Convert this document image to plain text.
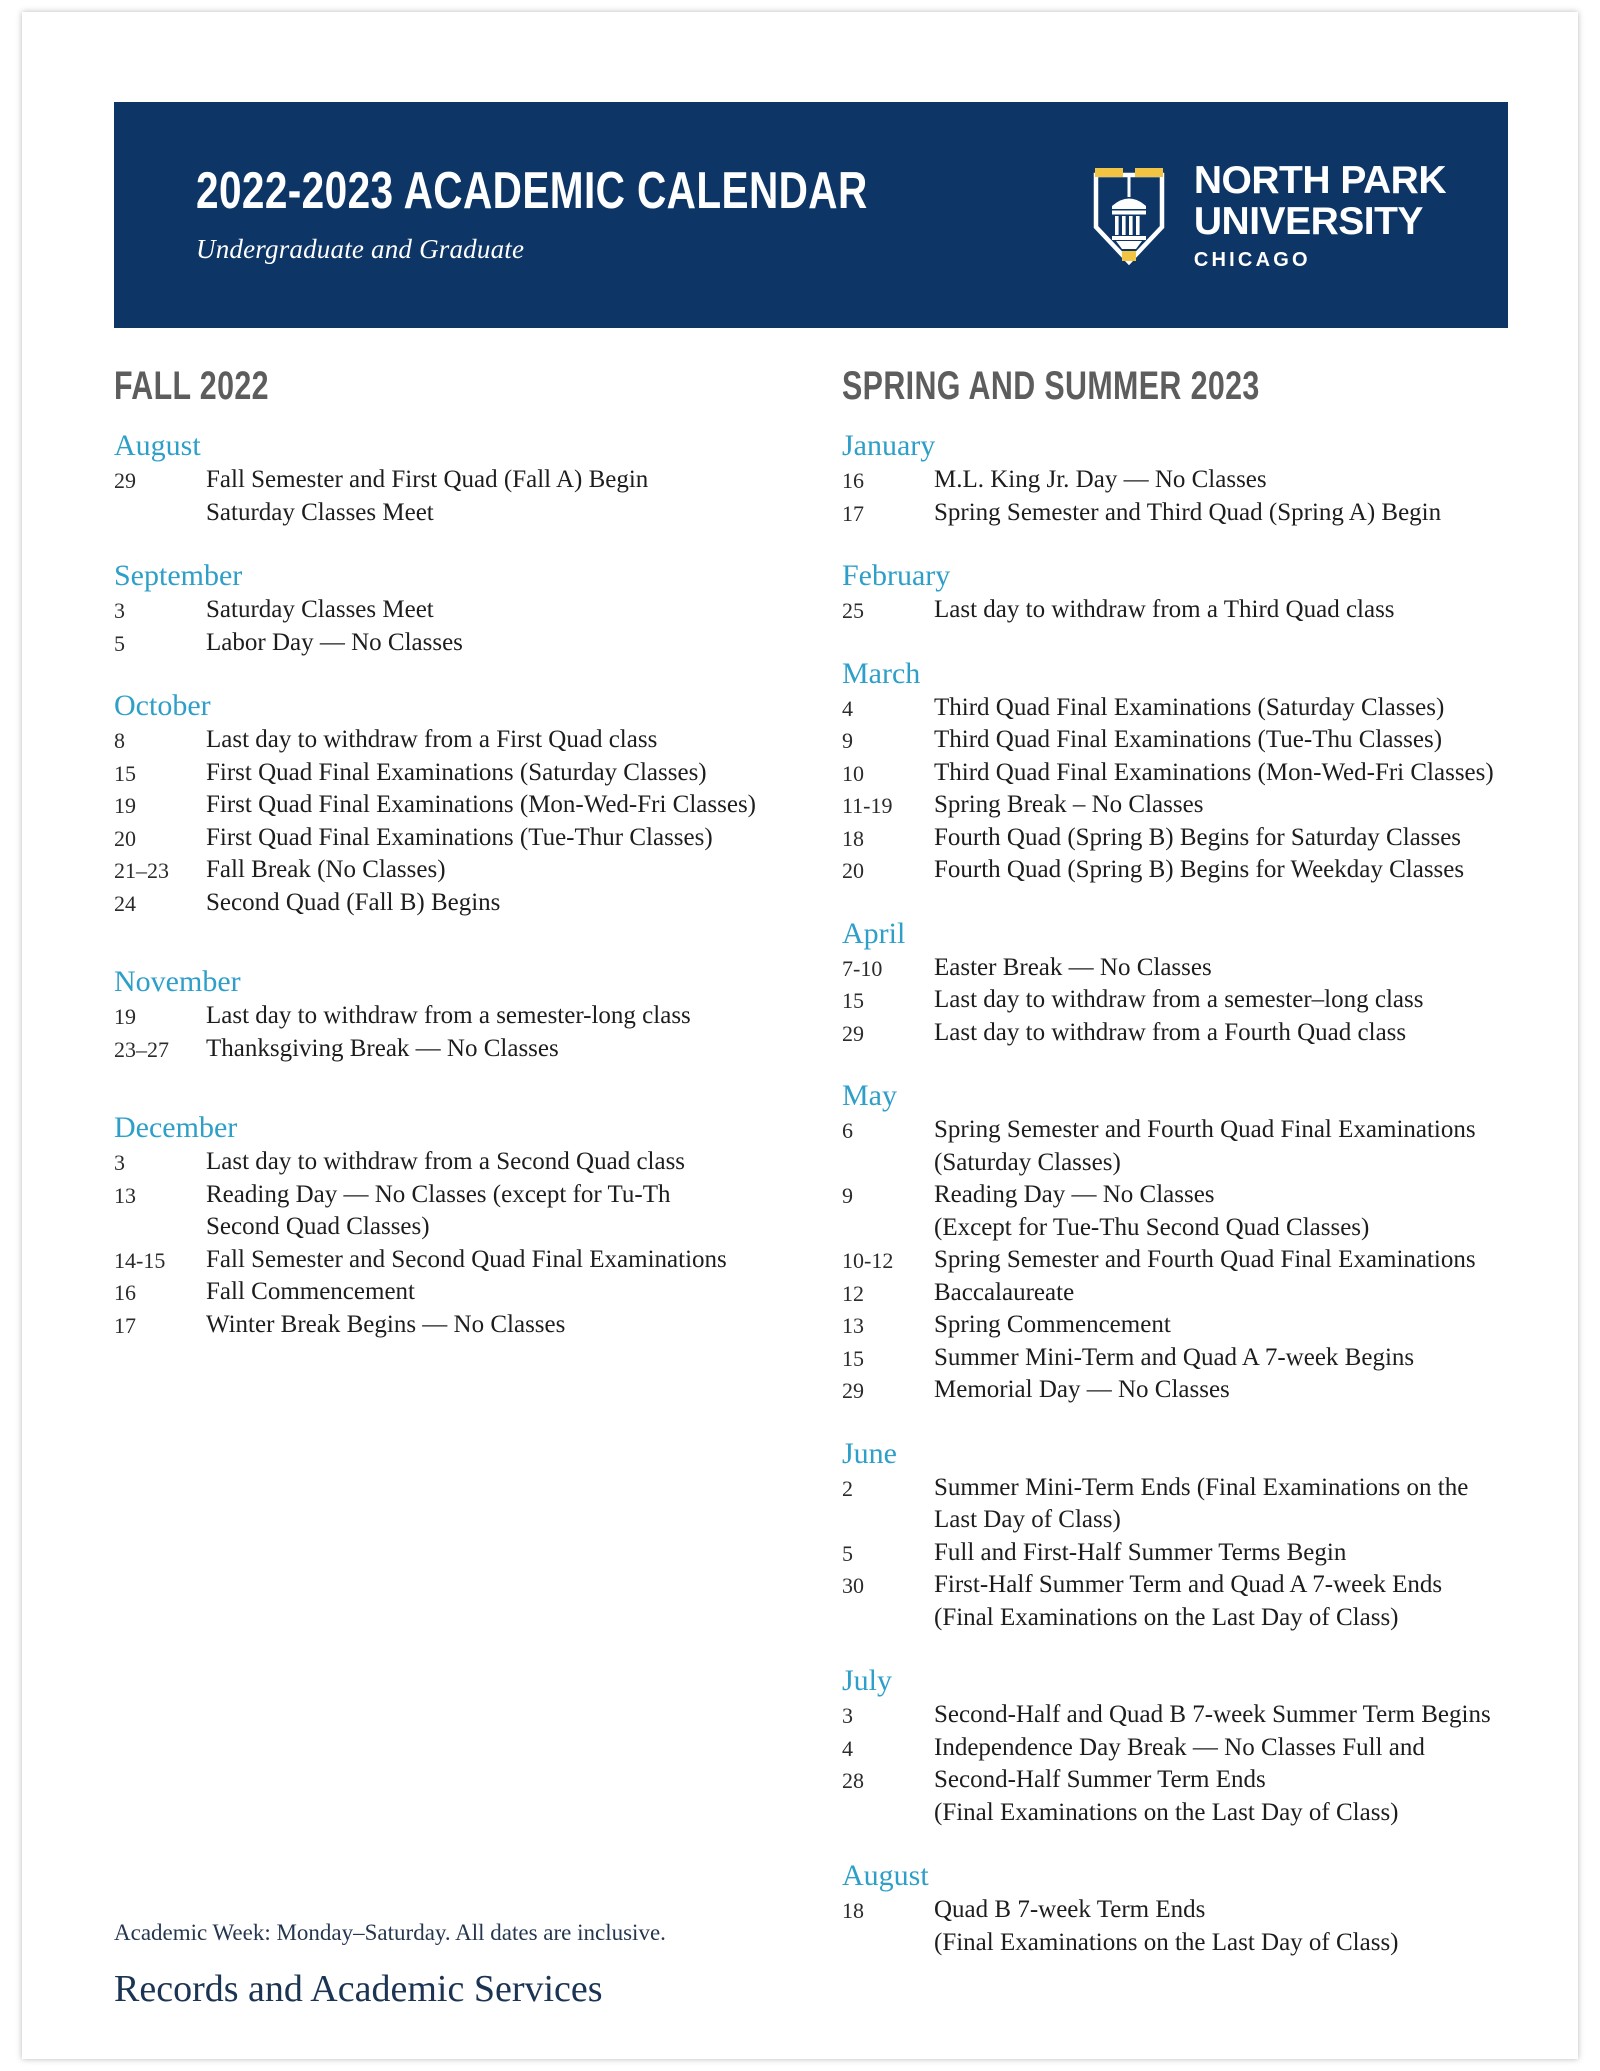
2022-2023 ACADEMIC CALENDAR
Undergraduate and Graduate
NORTH PARK
UNIVERSITY
CHICAGO
FALL 2022
August
29	Fall Semester and First Quad (Fall A) Begin
Saturday Classes Meet
September
3	Saturday Classes Meet
5	Labor Day — No Classes
October
8	Last day to withdraw from a First Quad class
15	First Quad Final Examinations (Saturday Classes)
19	First Quad Final Examinations (Mon-Wed-Fri Classes)
20	First Quad Final Examinations (Tue-Thur Classes)
21–23	Fall Break (No Classes)
24	Second Quad (Fall B) Begins
November
19	Last day to withdraw from a semester-long class
23–27	Thanksgiving Break — No Classes
December
3	Last day to withdraw from a Second Quad class
13	Reading Day — No Classes (except for Tu-Th
Second Quad Classes)
14-15	Fall Semester and Second Quad Final Examinations
16	Fall Commencement
17	Winter Break Begins — No Classes
SPRING AND SUMMER 2023
January
16	M.L. King Jr. Day — No Classes
17	Spring Semester and Third Quad (Spring A) Begin
February
25	Last day to withdraw from a Third Quad class
March
4	Third Quad Final Examinations (Saturday Classes)
9	Third Quad Final Examinations (Tue-Thu Classes)
10	Third Quad Final Examinations (Mon-Wed-Fri Classes)
11-19	Spring Break – No Classes
18	Fourth Quad (Spring B) Begins for Saturday Classes
20	Fourth Quad (Spring B) Begins for Weekday Classes
April
7-10	Easter Break — No Classes
15	Last day to withdraw from a semester–long class
29	Last day to withdraw from a Fourth Quad class
May
6	Spring Semester and Fourth Quad Final Examinations
(Saturday Classes)
9	Reading Day — No Classes
(Except for Tue-Thu Second Quad Classes)
10-12	Spring Semester and Fourth Quad Final Examinations
12	Baccalaureate
13	Spring Commencement
15	Summer Mini-Term and Quad A 7-week Begins
29	Memorial Day — No Classes
June
2	Summer Mini-Term Ends (Final Examinations on the
Last Day of Class)
5	Full and First-Half Summer Terms Begin
30	First-Half Summer Term and Quad A 7-week Ends
(Final Examinations on the Last Day of Class)
July
3	Second-Half and Quad B 7-week Summer Term Begins
4	Independence Day Break — No Classes Full and
28	Second-Half Summer Term Ends
(Final Examinations on the Last Day of Class)
August
18	Quad B 7-week Term Ends
(Final Examinations on the Last Day of Class)
Academic Week: Monday–Saturday. All dates are inclusive.
Records and Academic Services
